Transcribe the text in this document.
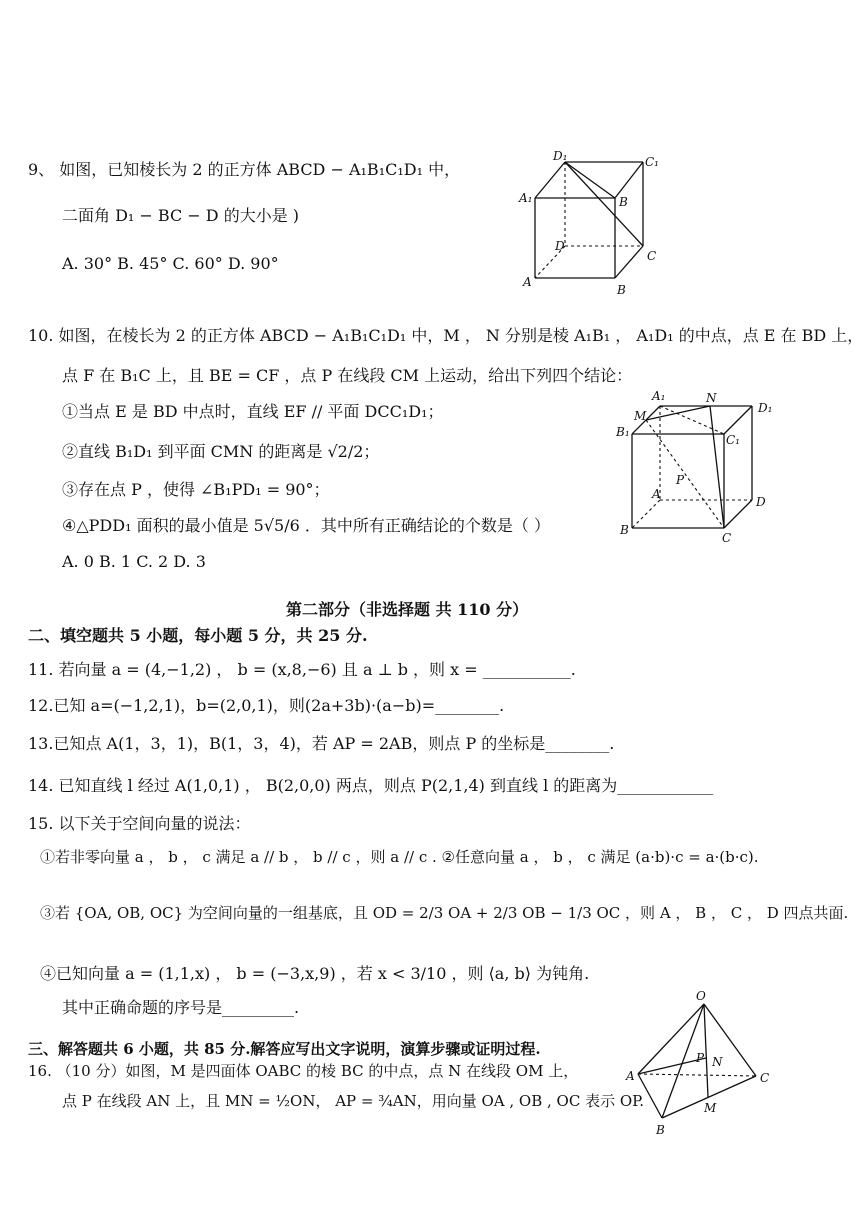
9、 如图，已知棱长为 2 的正方体 ABCD − A₁B₁C₁D₁ 中，
二面角 D₁ − BC − D 的大小是 )
A. 30° B. 45° C. 60° D. 90°
D₁	C₁
A₁	B
D
C
A
B
10. 如图，在棱长为 2 的正方体 ABCD − A₁B₁C₁D₁ 中，M ， N 分别是棱 A₁B₁ ， A₁D₁ 的中点，点 E 在 BD 上，
点 F 在 B₁C 上，且 BE = CF ，点 P 在线段 CM 上运动，给出下列四个结论：
①当点 E 是 BD 中点时，直线 EF // 平面 DCC₁D₁；
②直线 B₁D₁ 到平面 CMN 的距离是 √2/2；
③存在点 P ，使得 ∠B₁PD₁ = 90°；
④△PDD₁ 面积的最小值是 5√5/6 ．其中所有正确结论的个数是（ ）
A. 0 B. 1 C. 2 D. 3
A₁
M
N
D₁
B₁
C₁
A
P
D
B
C
第二部分（非选择题 共 110 分）
二、填空题共 5 小题，每小题 5 分，共 25 分.
11. 若向量 a = (4,−1,2) ， b = (x,8,−6) 且 a ⊥ b ，则 x = ___________.
12.已知 a=(−1,2,1)，b=(2,0,1)，则(2a+3b)·(a−b)=________.
13.已知点 A(1，3，1)，B(1，3，4)，若 AP = 2AB，则点 P 的坐标是________.
14. 已知直线 l 经过 A(1,0,1) ， B(2,0,0) 两点，则点 P(2,1,4) 到直线 l 的距离为____________
15. 以下关于空间向量的说法：
①若非零向量 a ， b ， c 满足 a // b ， b // c ，则 a // c . ②任意向量 a ， b ， c 满足 (a·b)·c = a·(b·c).
③若 {OA, OB, OC} 为空间向量的一组基底，且 OD = 2/3 OA + 2/3 OB − 1/3 OC ，则 A ， B ， C ， D 四点共面.
④已知向量 a = (1,1,x) ， b = (−3,x,9) ，若 x < 3/10 ，则 ⟨a, b⟩ 为钝角.
其中正确命题的序号是_________.
三、解答题共 6 小题，共 85 分.解答应写出文字说明，演算步骤或证明过程.
16. （10 分）如图，M 是四面体 OABC 的棱 BC 的中点，点 N 在线段 OM 上，
点 P 在线段 AN 上，且 MN = ½ON， AP = ¾AN，用向量 OA , OB , OC 表示 OP.
O
A
P N
C
M
B
